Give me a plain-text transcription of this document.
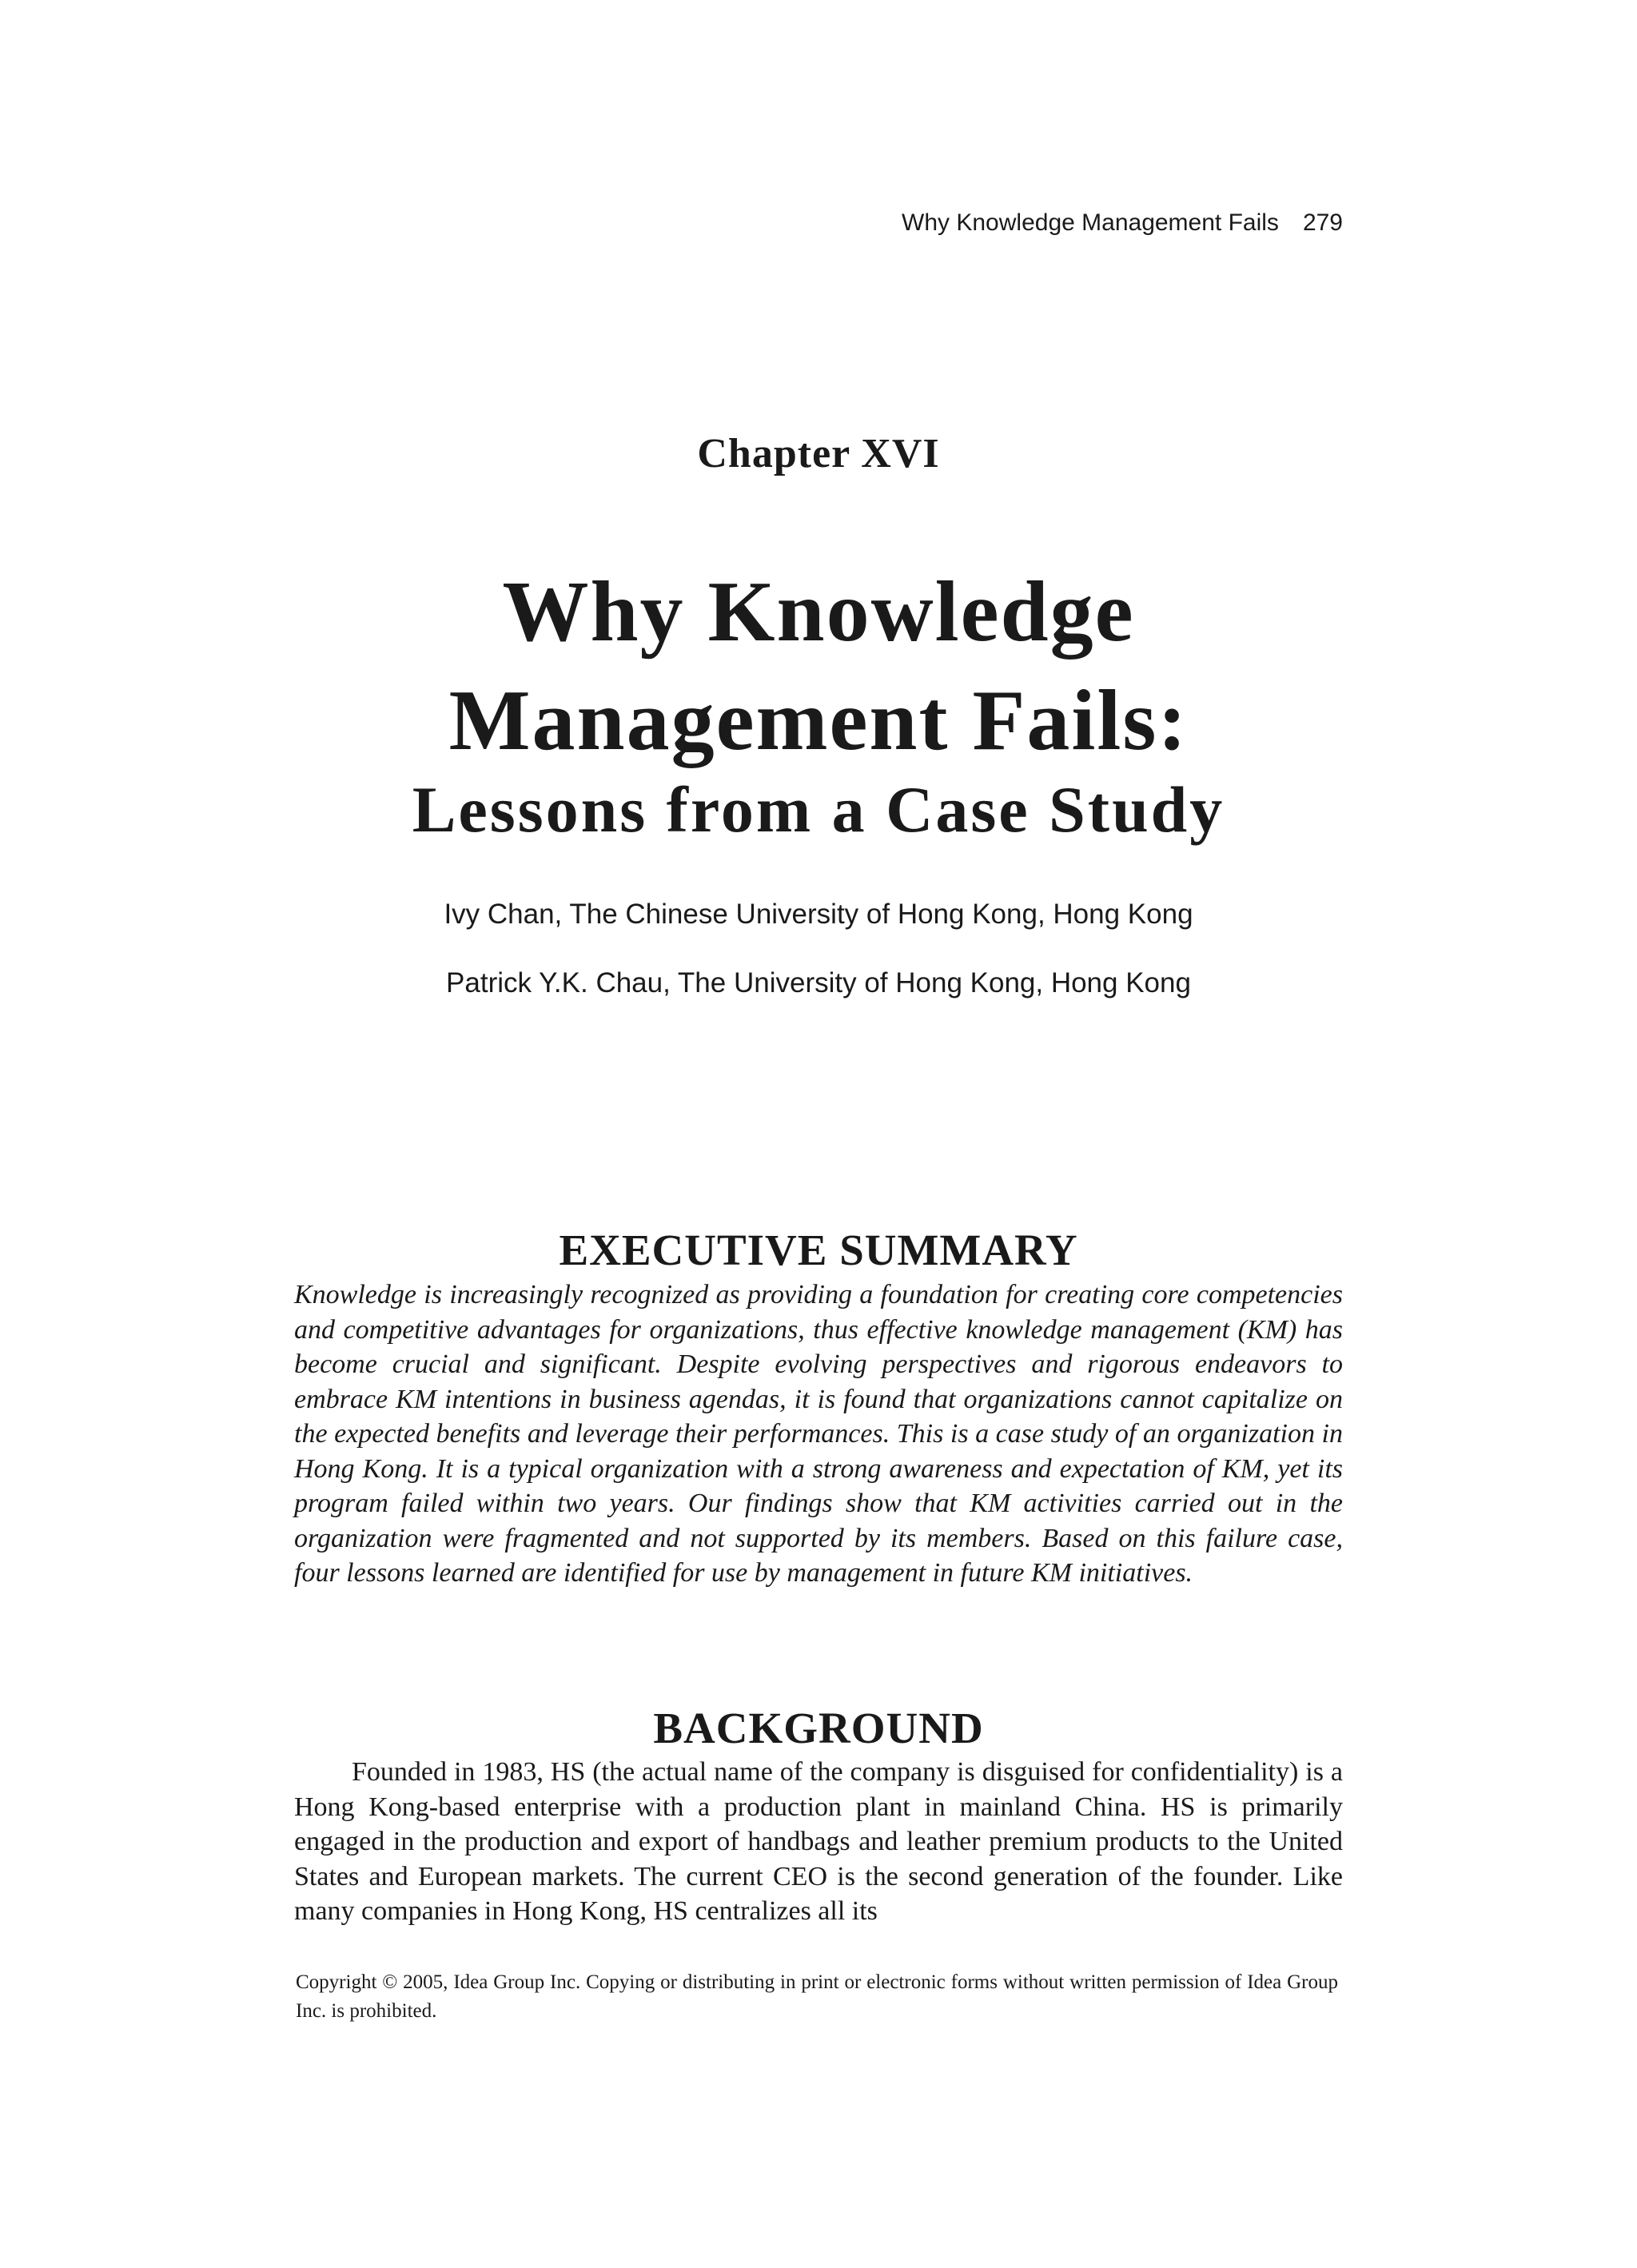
Why Knowledge Management Fails 279
Chapter XVI
Why Knowledge
Management Fails:
Lessons from a Case Study
Ivy Chan, The Chinese University of Hong Kong, Hong Kong
Patrick Y.K. Chau, The University of Hong Kong, Hong Kong
EXECUTIVE SUMMARY
Knowledge is increasingly recognized as providing a foundation for creating core competencies and competitive advantages for organizations, thus effective knowledge management (KM) has become crucial and significant. Despite evolving perspectives and rigorous endeavors to embrace KM intentions in business agendas, it is found that organizations cannot capitalize on the expected benefits and leverage their performances. This is a case study of an organization in Hong Kong. It is a typical organization with a strong awareness and expectation of KM, yet its program failed within two years. Our findings show that KM activities carried out in the organization were fragmented and not supported by its members. Based on this failure case, four lessons learned are identified for use by management in future KM initiatives.
BACKGROUND
Founded in 1983, HS (the actual name of the company is disguised for confidentiality) is a Hong Kong-based enterprise with a production plant in mainland China. HS is primarily engaged in the production and export of handbags and leather premium products to the United States and European markets. The current CEO is the second generation of the founder. Like many companies in Hong Kong, HS centralizes all its
Copyright © 2005, Idea Group Inc. Copying or distributing in print or electronic forms without written permission of Idea Group Inc. is prohibited.
